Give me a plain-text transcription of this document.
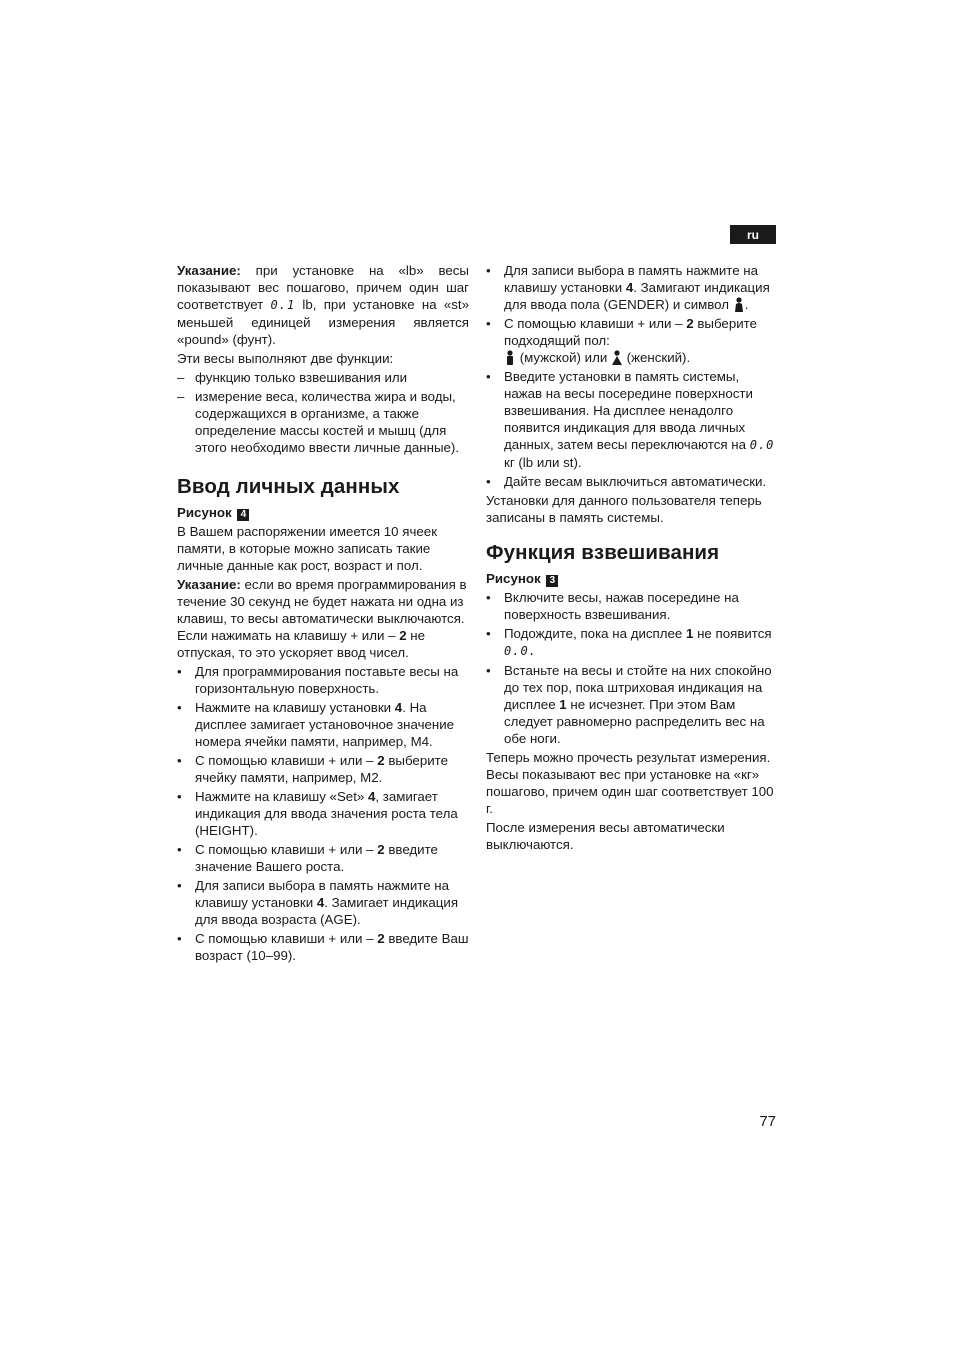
ru

Указание: при установке на «lb» весы показывают вес пошагово, причем один шаг соответствует 0.1 lb, при установке на «st» меньшей единицей измерения является «pound» (фунт).

Эти весы выполняют две функции:

– функцию только взвешивания или
– измерение веса, количества жира и воды, содержащихся в организме, а также определение массы костей и мышц (для этого необходимо ввести личные данные).
Ввод личных данных

Рисунок 4

В Вашем распоряжении имеется 10 ячеек памяти, в которые можно записать такие личные данные как рост, возраст и пол.

Указание: если во время программирования в течение 30 секунд не будет нажата ни одна из клавиш, то весы автоматически выключаются. Если нажимать на клавишу + или – 2 не отпуская, то это ускоряет ввод чисел.

• Для программирования поставьте весы на горизонтальную поверхность.
• Нажмите на клавишу установки 4. На дисплее замигает установочное значение номера ячейки памяти, например, M4.
• С помощью клавиши + или – 2 выберите ячейку памяти, например, M2.
• Нажмите на клавишу «Set» 4, замигает индикация для ввода значения роста тела (HEIGHT).
• С помощью клавиши + или – 2 введите значение Вашего роста.
• Для записи выбора в память нажмите на клавишу установки 4. Замигает индикация для ввода возраста (AGE).
• С помощью клавиши + или – 2 введите Ваш возраст (10–99).
• Для записи выбора в память нажмите на клавишу установки 4. Замигают индикация для ввода пола (GENDER) и символ .
• С помощью клавиши + или – 2 выберите подходящий пол:
(мужской) или  (женский).
• Введите установки в память системы, нажав на весы посередине поверхности взвешивания. На дисплее ненадолго появится индикация для ввода личных данных, затем весы переключаются на 0.0 кг (lb или st).
• Дайте весам выключиться автоматически.

Установки для данного пользователя теперь записаны в память системы.

Функция взвешивания

Рисунок 3

• Включите весы, нажав посередине на поверхность взвешивания.
• Подождите, пока на дисплее 1 не появится 0.0.
• Встаньте на весы и стойте на них спокойно до тех пор, пока штриховая индикация на дисплее 1 не исчезнет. При этом Вам следует равномерно распределить вес на обе ноги.

Теперь можно прочесть результат измерения. Весы показывают вес при установке на «кг» пошагово, причем один шаг соответствует 100 г.

После измерения весы автоматически выключаются.

77
